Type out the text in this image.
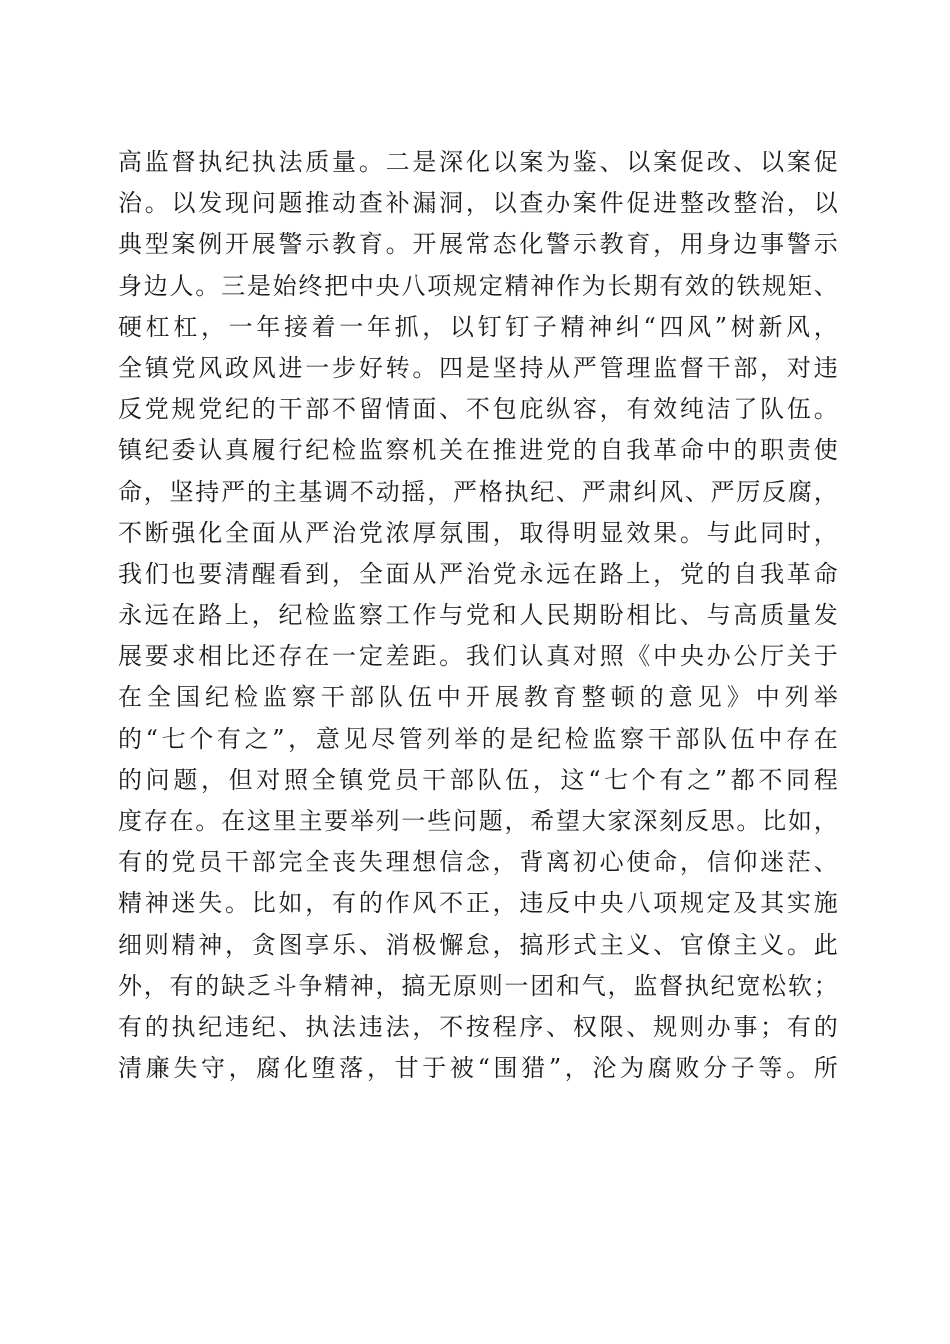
高监督执纪执法质量。二是深化以案为鉴、以案促改、以案促
治。以发现问题推动查补漏洞，以查办案件促进整改整治，以
典型案例开展警示教育。开展常态化警示教育，用身边事警示
身边人。三是始终把中央八项规定精神作为长期有效的铁规矩、
硬杠杠，一年接着一年抓，以钉钉子精神纠“四风”树新风，
全镇党风政风进一步好转。四是坚持从严管理监督干部，对违
反党规党纪的干部不留情面、不包庇纵容，有效纯洁了队伍。
镇纪委认真履行纪检监察机关在推进党的自我革命中的职责使
命，坚持严的主基调不动摇，严格执纪、严肃纠风、严厉反腐，
不断强化全面从严治党浓厚氛围，取得明显效果。与此同时，
我们也要清醒看到，全面从严治党永远在路上，党的自我革命
永远在路上，纪检监察工作与党和人民期盼相比、与高质量发
展要求相比还存在一定差距。我们认真对照《中央办公厅关于
在全国纪检监察干部队伍中开展教育整顿的意见》中列举
的“七个有之”，意见尽管列举的是纪检监察干部队伍中存在
的问题，但对照全镇党员干部队伍，这“七个有之”都不同程
度存在。在这里主要举列一些问题，希望大家深刻反思。比如，
有的党员干部完全丧失理想信念，背离初心使命，信仰迷茫、
精神迷失。比如，有的作风不正，违反中央八项规定及其实施
细则精神，贪图享乐、消极懈怠，搞形式主义、官僚主义。此
外，有的缺乏斗争精神，搞无原则一团和气，监督执纪宽松软；
有的执纪违纪、执法违法，不按程序、权限、规则办事；有的
清廉失守，腐化堕落，甘于被“围猎”，沦为腐败分子等。所
